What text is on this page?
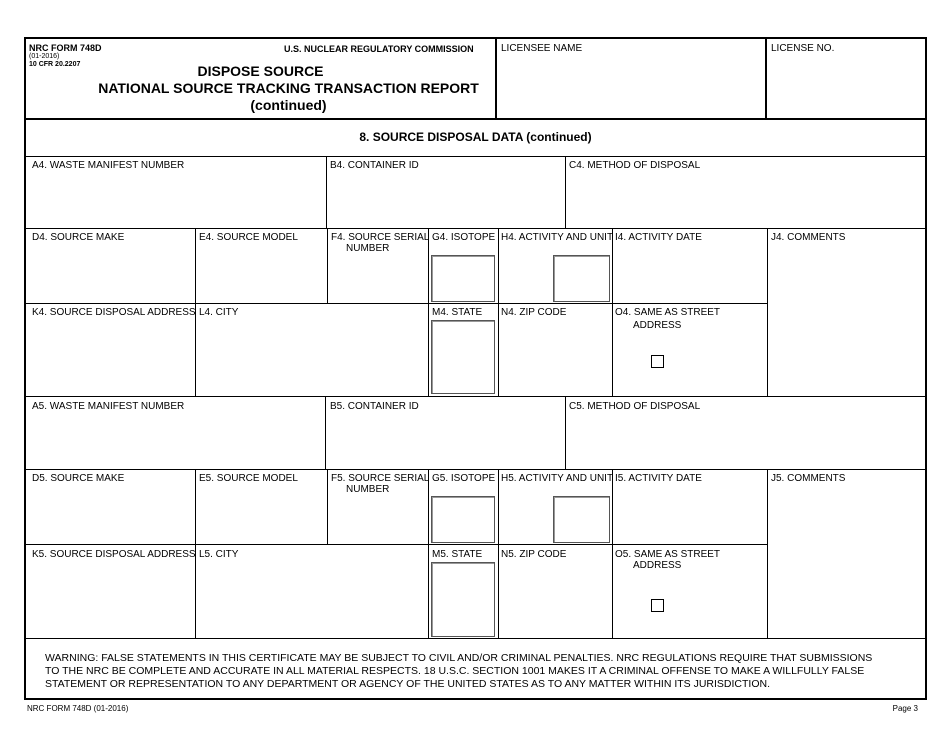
NRC FORM 748D
(01-2016)
10 CFR 20.2207
U.S. NUCLEAR REGULATORY COMMISSION
DISPOSE SOURCE
NATIONAL SOURCE TRACKING TRANSACTION REPORT
(continued)
LICENSEE NAME	LICENSE NO.
8. SOURCE DISPOSAL DATA (continued)
A4. WASTE MANIFEST NUMBER	B4. CONTAINER ID	C4. METHOD OF DISPOSAL
D4. SOURCE MAKE	E4. SOURCE MODEL	F4. SOURCE SERIAL
NUMBER
G4. ISOTOPE H4. ACTIVITY AND UNIT I4. ACTIVITY DATE	J4. COMMENTS
K4. SOURCE DISPOSAL ADDRESS L4. CITY	M4. STATE N4. ZIP CODE	O4. SAME AS STREET
ADDRESS
A5. WASTE MANIFEST NUMBER	B5. CONTAINER ID	C5. METHOD OF DISPOSAL
D5. SOURCE MAKE	E5. SOURCE MODEL	F5. SOURCE SERIAL
NUMBER
G5. ISOTOPE H5. ACTIVITY AND UNIT I5. ACTIVITY DATE	J5. COMMENTS
K5. SOURCE DISPOSAL ADDRESS L5. CITY	M5. STATE N5. ZIP CODE	O5. SAME AS STREET
ADDRESS
WARNING: FALSE STATEMENTS IN THIS CERTIFICATE MAY BE SUBJECT TO CIVIL AND/OR CRIMINAL PENALTIES. NRC REGULATIONS REQUIRE THAT SUBMISSIONS
TO THE NRC BE COMPLETE AND ACCURATE IN ALL MATERIAL RESPECTS. 18 U.S.C. SECTION 1001 MAKES IT A CRIMINAL OFFENSE TO MAKE A WILLFULLY FALSE
STATEMENT OR REPRESENTATION TO ANY DEPARTMENT OR AGENCY OF THE UNITED STATES AS TO ANY MATTER WITHIN ITS JURISDICTION.
NRC FORM 748D (01-2016)	Page 3
